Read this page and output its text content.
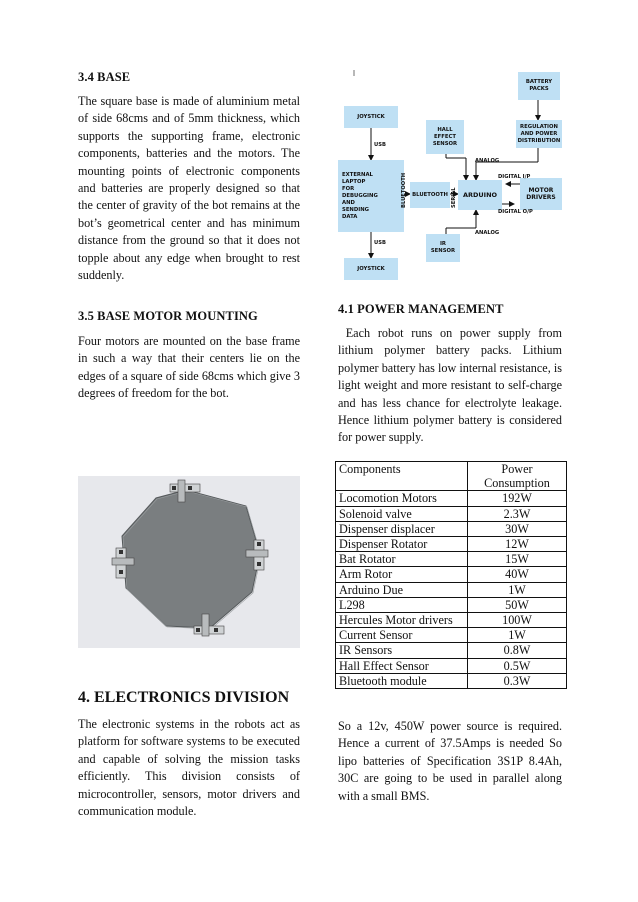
3.4 BASE

The square base is made of aluminium metal of side 68cms and of 5mm thickness, which supports the supporting frame, electronic components, batteries and the motors. The mounting points of electronic components and batteries are properly designed so that the center of gravity of the bot remains at the bot’s geometrical center and has minimum distance from the ground so that it does not topple about any edge when brought to rest suddenly.

3.5 BASE MOTOR MOUNTING

Four motors are mounted on the base frame in such a way that their centers lie on the edges of a square of side 68cms which give 3 degrees of freedom for the bot.

4. ELECTRONICS DIVISION

The electronic systems in the robots act as platform for software systems to be executed and capable of solving the mission tasks efficiently. This division consists of microcontroller, sensors, motor drivers and communication module.

BATTERY
PACKS
REGULATION
AND POWER
DISTRIBUTION
JOYSTICK
HALL
EFFECT
SENSOR
EXTERNAL
LAPTOP
FOR
DEBUGGING
AND
SENDING
DATA
BLUETOOTH ARDUINO	MOTOR
DRIVERS
IR
SENSOR
JOYSTICK
USB
USB
BLUETOOTH	SERIAL
ANALOG
ANALOG
DIGITAL I/P
DIGITAL O/P
4.1 POWER MANAGEMENT

Each robot runs on power supply from lithium polymer battery packs. Lithium polymer battery has low internal resistance, is light weight and more resistant to self-charge and has less chance for electrolyte leakage. Hence lithium polymer battery is considered for power supply.

Components	Power Consumption
Locomotion Motors	192W
Solenoid valve	2.3W
Dispenser displacer	30W
Dispenser Rotator	12W
Bat Rotator	15W
Arm Rotor	40W
Arduino Due	1W
L298	50W
Hercules Motor drivers	100W
Current Sensor	1W
IR Sensors	0.8W
Hall Effect Sensor	0.5W
Bluetooth module	0.3W

So a 12v, 450W power source is required. Hence a current of 37.5Amps is needed So lipo batteries of Specification 3S1P 8.4Ah, 30C are going to be used in parallel along with a small BMS.
